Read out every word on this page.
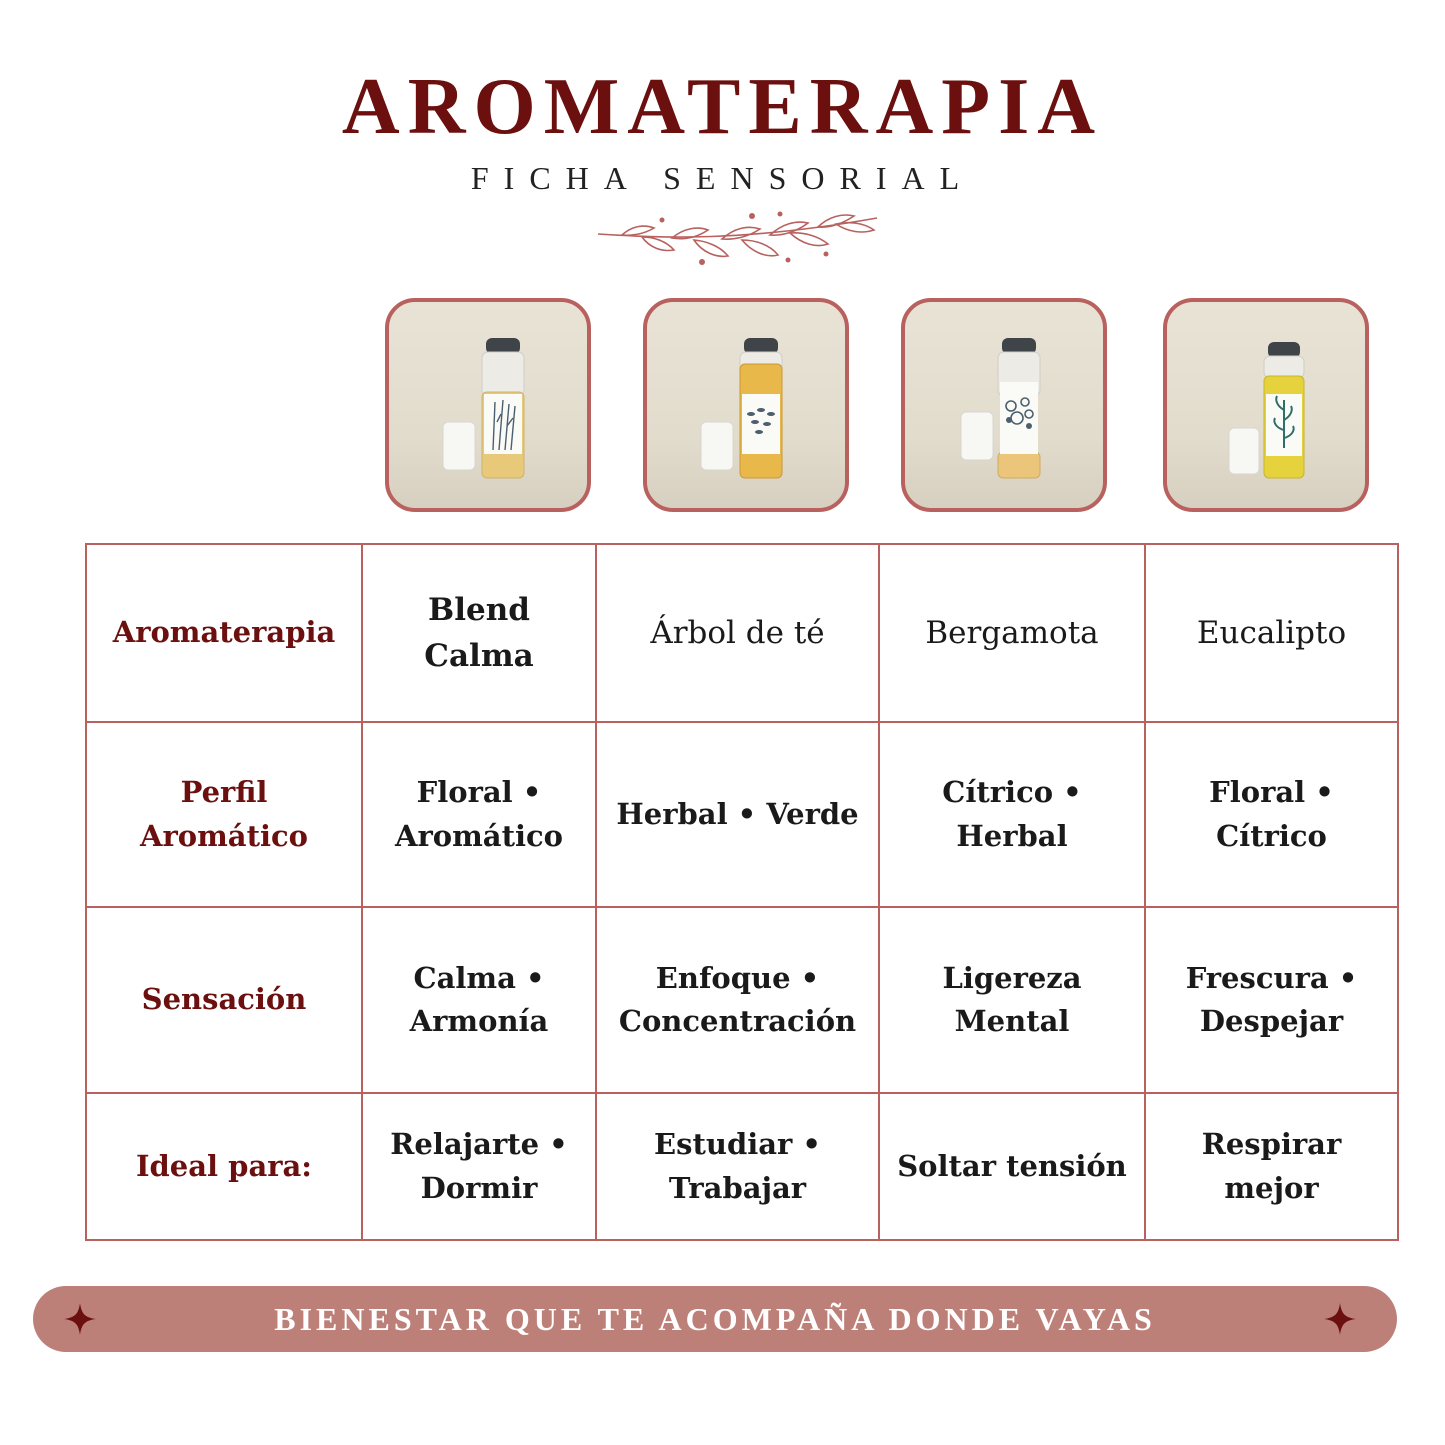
AROMATERAPIA
FICHA SENSORIAL
Aromaterapia	Blend Calma	Árbol de té	Bergamota	Eucalipto
Perfil Aromático	Floral • Aromático	Herbal • Verde	Cítrico • Herbal	Floral • Cítrico
Sensación	Calma • Armonía	Enfoque • Concentración	Ligereza Mental	Frescura • Despejar
Ideal para:	Relajarte • Dormir	Estudiar • Trabajar	Soltar tensión	Respirar mejor
BIENESTAR QUE TE ACOMPAÑA DONDE VAYAS
